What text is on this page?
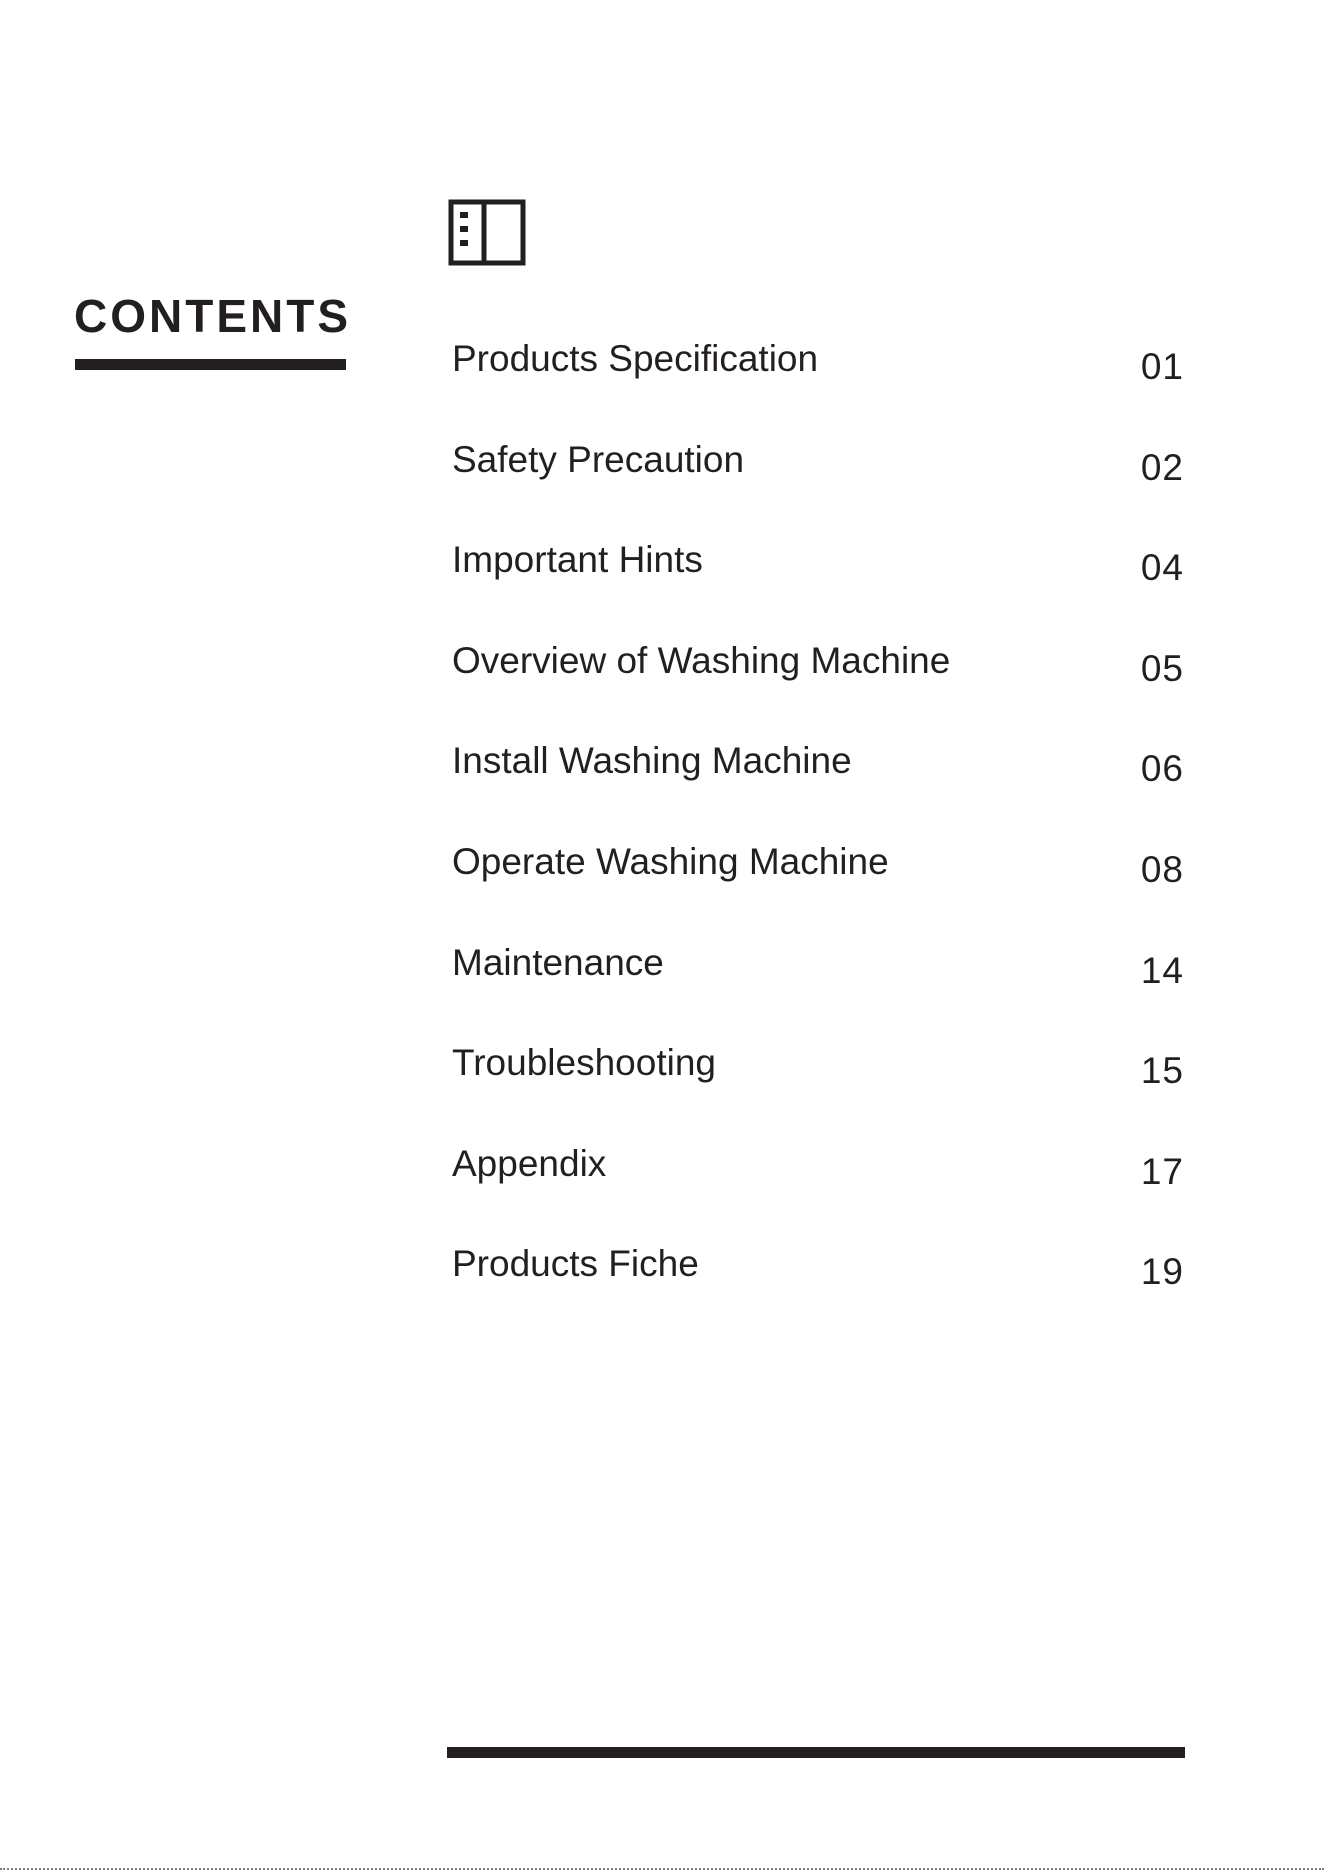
CONTENTS
Products Specification	01
Safety Precaution	02
Important Hints	04
Overview of Washing Machine	05
Install Washing Machine	06
Operate Washing Machine	08
Maintenance	14
Troubleshooting	15
Appendix	17
Products Fiche	19
